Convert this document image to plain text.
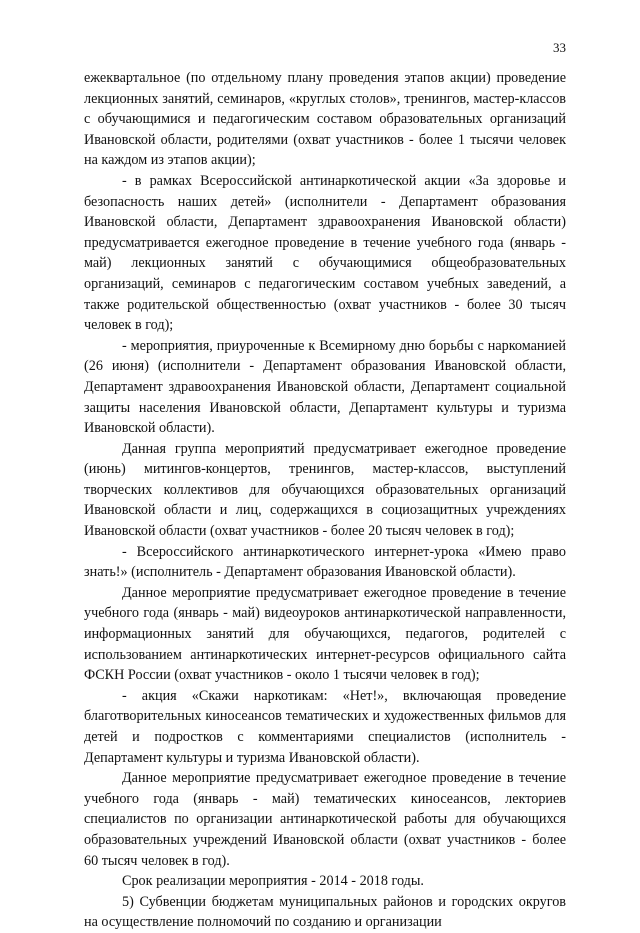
33

ежеквартальное (по отдельному плану проведения этапов акции) проведение лекционных занятий, семинаров, «круглых столов», тренингов, мастер-классов с обучающимися и педагогическим составом образовательных организаций Ивановской области, родителями (охват участников - более 1 тысячи человек на каждом из этапов акции);

- в рамках Всероссийской антинаркотической акции «За здоровье и безопасность наших детей» (исполнители - Департамент образования Ивановской области, Департамент здравоохранения Ивановской области) предусматривается ежегодное проведение в течение учебного года (январь - май) лекционных занятий с обучающимися общеобразовательных организаций, семинаров с педагогическим составом учебных заведений, а также родительской общественностью (охват участников - более 30 тысяч человек в год);

- мероприятия, приуроченные к Всемирному дню борьбы с наркоманией (26 июня) (исполнители - Департамент образования Ивановской области, Департамент здравоохранения Ивановской области, Департамент социальной защиты населения Ивановской области, Департамент культуры и туризма Ивановской области).

Данная группа мероприятий предусматривает ежегодное проведение (июнь) митингов-концертов, тренингов, мастер-классов, выступлений творческих коллективов для обучающихся образовательных организаций Ивановской области и лиц, содержащихся в социозащитных учреждениях Ивановской области (охват участников - более 20 тысяч человек в год);

- Всероссийского антинаркотического интернет-урока «Имею право знать!» (исполнитель - Департамент образования Ивановской области).

Данное мероприятие предусматривает ежегодное проведение в течение учебного года (январь - май) видеоуроков антинаркотической направленности, информационных занятий для обучающихся, педагогов, родителей с использованием антинаркотических интернет-ресурсов официального сайта ФСКН России (охват участников - около 1 тысячи человек в год);

- акция «Скажи наркотикам: «Нет!», включающая проведение благотворительных киносеансов тематических и художественных фильмов для детей и подростков с комментариями специалистов (исполнитель - Департамент культуры и туризма Ивановской области).

Данное мероприятие предусматривает ежегодное проведение в течение учебного года (январь - май) тематических киносеансов, лекториев специалистов по организации антинаркотической работы для обучающихся образовательных учреждений Ивановской области (охват участников - более 60 тысяч человек в год).

Срок реализации мероприятия - 2014 - 2018 годы.

5) Субвенции бюджетам муниципальных районов и городских округов на осуществление полномочий по созданию и организации
